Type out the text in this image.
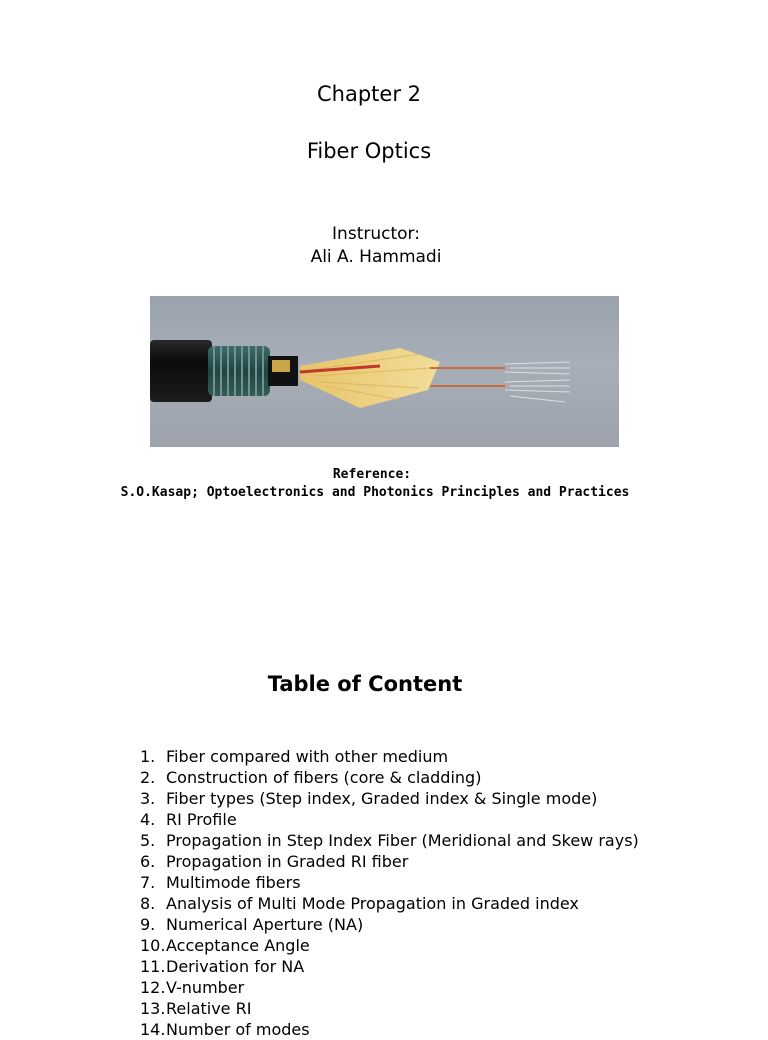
Chapter 2
Fiber Optics
Instructor:
Ali A. Hammadi
Reference:
S.O.Kasap; Optoelectronics and Photonics Principles and Practices
Table of Content
1. Fiber compared with other medium
2. Construction of fibers (core & cladding)
3. Fiber types (Step index, Graded index & Single mode)
4. RI Profile
5. Propagation in Step Index Fiber (Meridional and Skew rays)
6. Propagation in Graded RI fiber
7. Multimode fibers
8. Analysis of Multi Mode Propagation in Graded index
9. Numerical Aperture (NA)
10.Acceptance Angle
11.Derivation for NA
12.V-number
13.Relative RI
14.Number of modes
